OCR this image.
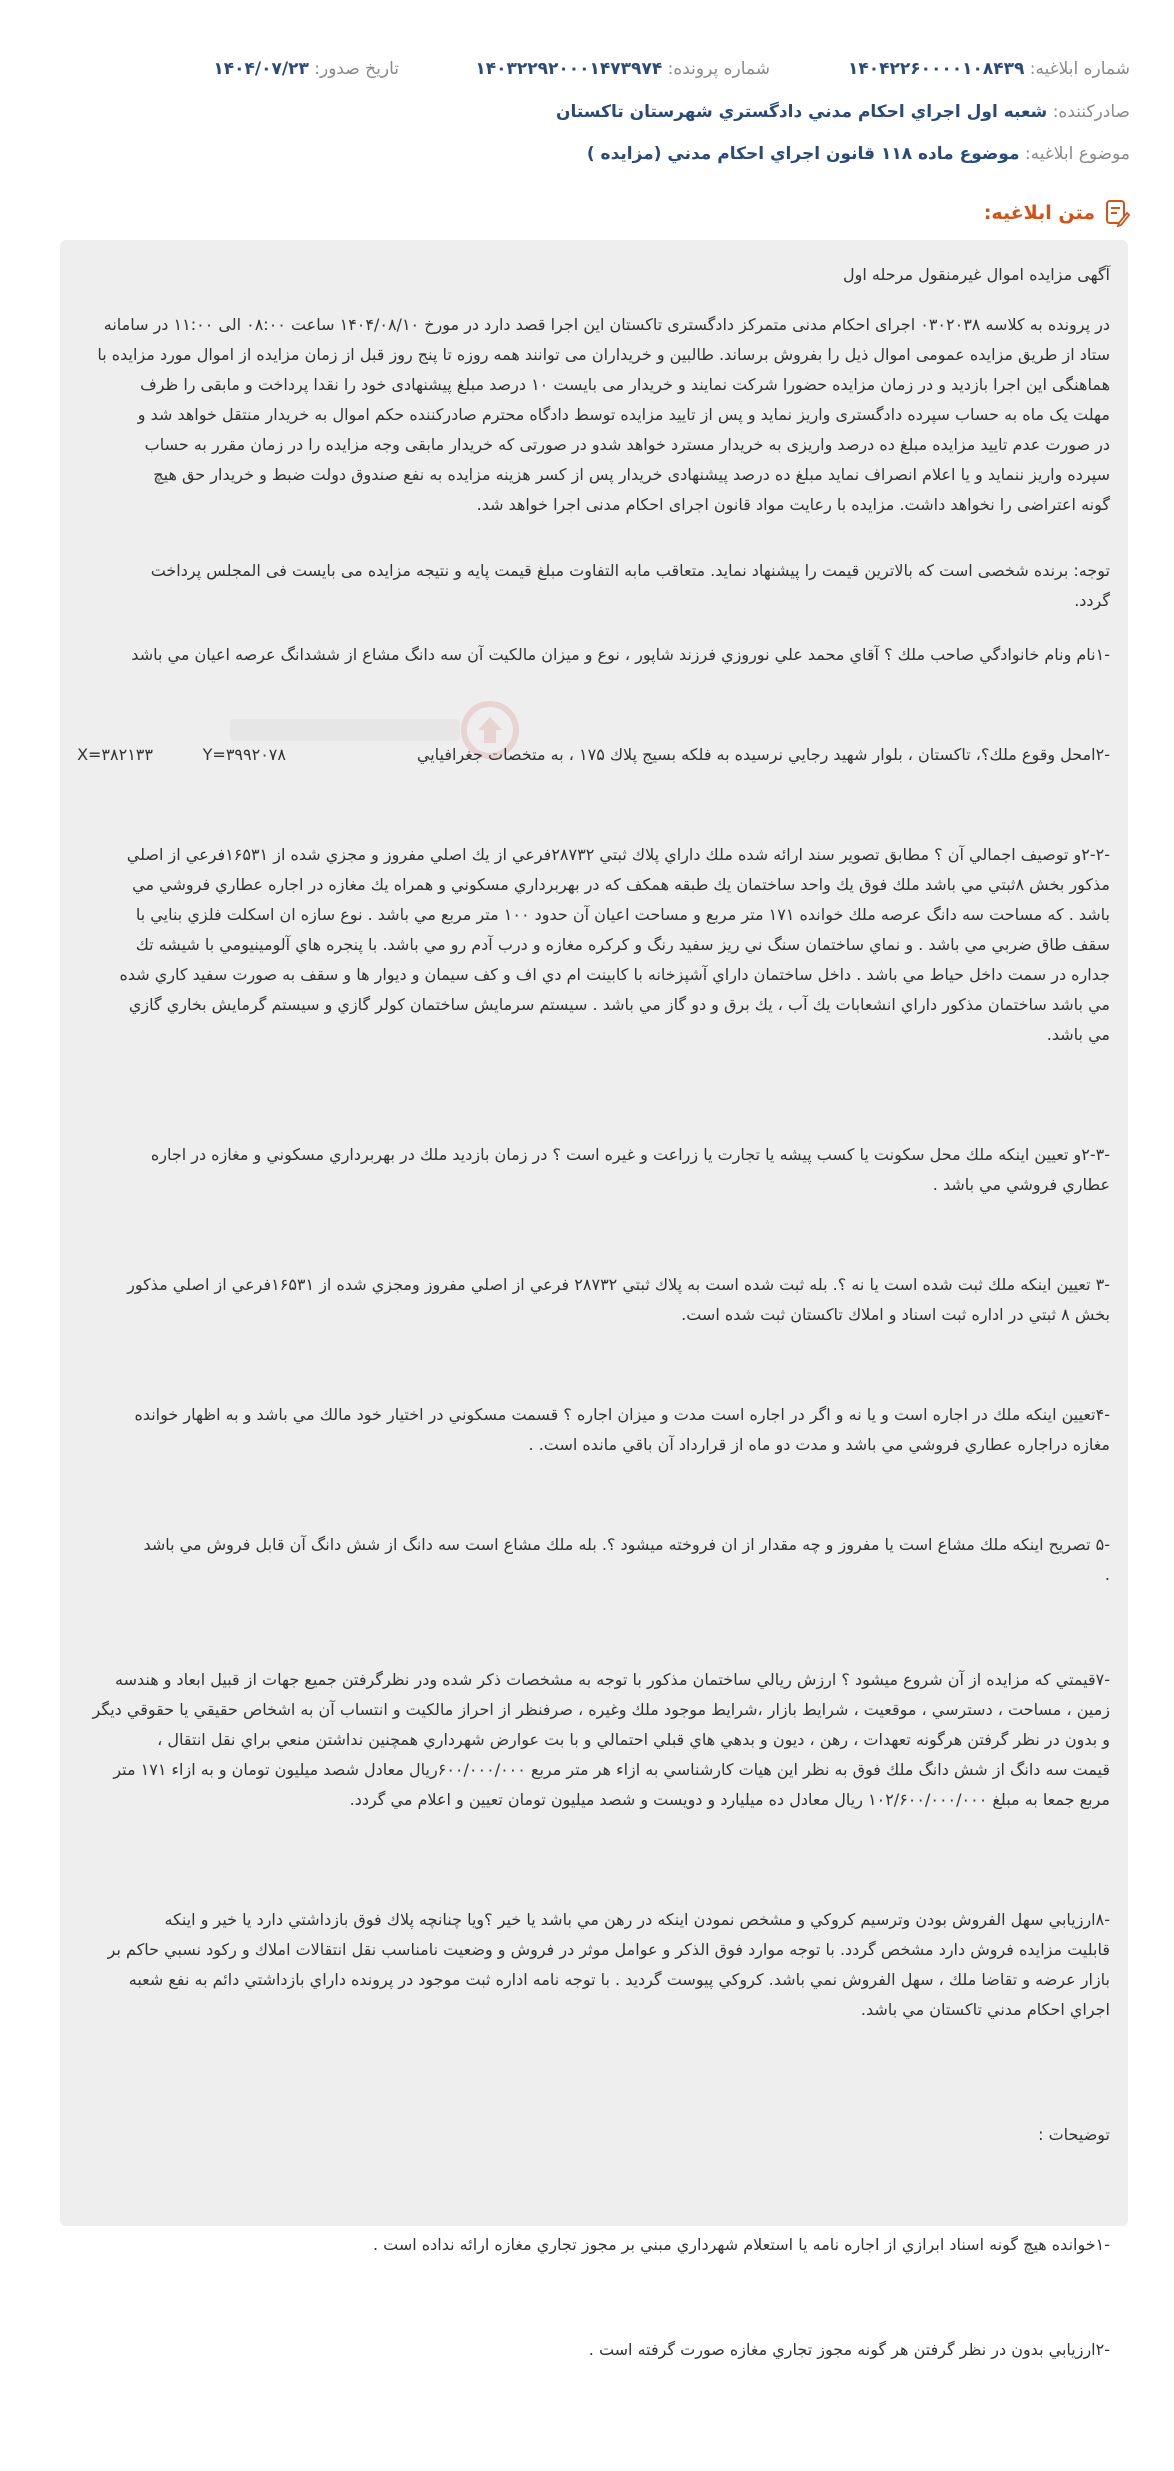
شماره ابلاغيه: ۱۴۰۴۲۲۶۰۰۰۰۱۰۸۴۳۹
شماره پرونده: ۱۴۰۳۲۲۹۲۰۰۰۱۴۷۳۹۷۴
تاريخ صدور: ۱۴۰۴/۰۷/۲۳
صادرکننده: شعبه اول اجراي احكام مدني دادگستري شهرستان تاكستان
موضوع ابلاغيه: موضوع ماده ۱۱۸ قانون اجراي احکام مدني (مزايده )
متن ابلاغيه:

آگهی مزایده اموال غیرمنقول مرحله اول

در پرونده به کلاسه ۰۳۰۲۰۳۸ اجرای احکام مدنی متمرکز دادگستری تاکستان این اجرا قصد دارد در مورخ ۱۴۰۴/۰۸/۱۰ ساعت ۰۸:۰۰ الی ۱۱:۰۰ در سامانه

ستاد از طریق مزایده عمومی اموال ذیل را بفروش برساند. طالبین و خریداران می توانند همه روزه تا پنج روز قبل از زمان مزایده از اموال مورد مزایده با

هماهنگی این اجرا بازدید و در زمان مزایده حضورا شرکت نمایند و خریدار می بایست ۱۰ درصد مبلغ پیشنهادی خود را نقدا پرداخت و مابقی را ظرف

مهلت یک ماه به حساب سپرده دادگستری واریز نماید و پس از تایید مزایده توسط دادگاه محترم صادرکننده حکم اموال به خریدار منتقل خواهد شد و

در صورت عدم تایید مزایده مبلغ ده درصد واریزی به خریدار مسترد خواهد شدو در صورتی که خریدار مابقی وجه مزایده را در زمان مقرر به حساب

سپرده واریز ننماید و یا اعلام انصراف نماید مبلغ ده درصد پیشنهادی خریدار پس از کسر هزینه مزایده به نفع صندوق دولت ضبط و خریدار حق هیچ

گونه اعتراضی را نخواهد داشت. مزایده با رعایت مواد قانون اجرای احکام مدنی اجرا خواهد شد.

توجه: برنده شخصی است که بالاترین قیمت را پیشنهاد نماید. متعاقب مابه التفاوت مبلغ قیمت پایه و نتیجه مزایده می بایست فی المجلس پرداخت

گردد.

-۱نام ونام خانوادگي صاحب ملك ؟ آقاي محمد علي نوروزي فرزند شاپور ، نوع و ميزان مالكيت آن سه دانگ مشاع از ششدانگ عرصه اعيان مي باشد

-۲امحل وقوع ملك؟، تاكستان ، بلوار شهيد رجايي نرسيده به فلكه بسيج پلاك ۱۷۵ ، به متخصات جغرافيايي
Y=۳۹۹۲۰۷۸
X=۳۸۲۱۳۳

-۲-۲و توصيف اجمالي آن ؟ مطابق تصوير سند ارائه شده ملك داراي پلاك ثبتي ۲۸۷۳۲فرعي از يك اصلي مفروز و مجزي شده از ۱۶۵۳۱فرعي از اصلي

مذكور بخش ۸ثبتي مي باشد ملك فوق يك واحد ساختمان يك طبقه همكف كه در بهربرداري مسكوني و همراه يك مغازه در اجاره عطاري فروشي مي

باشد . كه مساحت سه دانگ عرصه ملك خوانده ۱۷۱ متر مربع و مساحت اعيان آن حدود ۱۰۰ متر مربع مي باشد . نوع سازه ان اسكلت فلزي بنايي با

سقف طاق ضربي مي باشد . و نماي ساختمان سنگ ني ريز سفيد رنگ و كركره مغازه و درب آدم رو مي باشد. با پنجره هاي آلومينيومي با شيشه تك

جداره در سمت داخل حياط مي باشد . داخل ساختمان داراي آشپزخانه با كابينت ام دي اف و كف سيمان و ديوار ها و سقف به صورت سفيد كاري شده

مي باشد ساختمان مذكور داراي انشعابات يك آب ، يك برق و دو گاز مي باشد . سيستم سرمايش ساختمان كولر گازي و سيستم گرمايش بخاري گازي

مي باشد.

-۲-۳و تعيين اينكه ملك محل سكونت يا كسب پيشه يا تجارت يا زراعت و غيره است ؟ در زمان بازديد ملك در بهربرداري مسكوني و مغازه در اجاره

عطاري فروشي مي باشد .

-۳ تعيين اينكه ملك ثبت شده است يا نه ؟. بله ثبت شده است به پلاك ثبتي ۲۸۷۳۲ فرعي از اصلي مفروز ومجزي شده از ۱۶۵۳۱فرعي از اصلي مذكور

بخش ۸ ثبتي در اداره ثبت اسناد و املاك تاكستان ثبت شده است.

-۴تعيين اينكه ملك در اجاره است و يا نه و اگر در اجاره است مدت و ميزان اجاره ؟ قسمت مسكوني در اختيار خود مالك مي باشد و به اظهار خوانده

مغازه دراجاره عطاري فروشي مي باشد و مدت دو ماه از قرارداد آن باقي مانده است. .

-۵ تصريح اينكه ملك مشاع است يا مفروز و چه مقدار از ان فروخته ميشود ؟. بله ملك مشاع است سه دانگ از شش دانگ آن قابل فروش مي باشد

.

-۷قيمتي كه مزايده از آن شروع ميشود ؟ ارزش ريالي ساختمان مذكور با توجه به مشخصات ذكر شده ودر نظرگرفتن جميع جهات از قبيل ابعاد و هندسه

زمين ، مساحت ، دسترسي ، موقعيت ، شرايط بازار ،شرايط موجود ملك وغيره ، صرفنظر از احراز مالكيت و انتساب آن به اشخاص حقيقي يا حقوقي ديگر

و بدون در نظر گرفتن هرگونه تعهدات ، رهن ، ديون و بدهي هاي قبلي احتمالي و با بت عوارض شهرداري همچنين نداشتن منعي براي نقل انتقال ،

قيمت سه دانگ از شش دانگ ملك فوق به نظر اين هيات كارشناسي به ازاء هر متر مربع ۶۰۰/۰۰۰/۰۰۰ريال معادل شصد ميليون تومان و به ازاء ۱۷۱ متر

مربع جمعا به مبلغ ۱۰۲/۶۰۰/۰۰۰/۰۰۰ ريال معادل ده ميليارد و دويست و شصد ميليون تومان تعيين و اعلام مي گردد.

-۸ارزيابي سهل الفروش بودن وترسيم كروكي و مشخص نمودن اينكه در رهن مي باشد يا خير ؟ويا چنانچه پلاك فوق بازداشتي دارد يا خير و اينكه

قابليت مزايده فروش دارد مشخص گردد. با توجه موارد فوق الذكر و عوامل موثر در فروش و وضعيت نامناسب نقل انتقالات املاك و ركود نسبي حاكم بر

بازار عرضه و تقاضا ملك ، سهل الفروش نمي باشد. كروكي پيوست گرديد . با توجه نامه اداره ثبت موجود در پرونده داراي بازداشتي دائم به نفع شعبه

اجراي احكام مدني تاكستان مي باشد.

توضيحات :

-۱خوانده هيچ گونه اسناد ابرازي از اجاره نامه يا استعلام شهرداري مبني بر مجوز تجاري مغازه ارائه نداده است .

-۲ارزيابي بدون در نظر گرفتن هر گونه مجوز تجاري مغازه صورت گرفته است .
